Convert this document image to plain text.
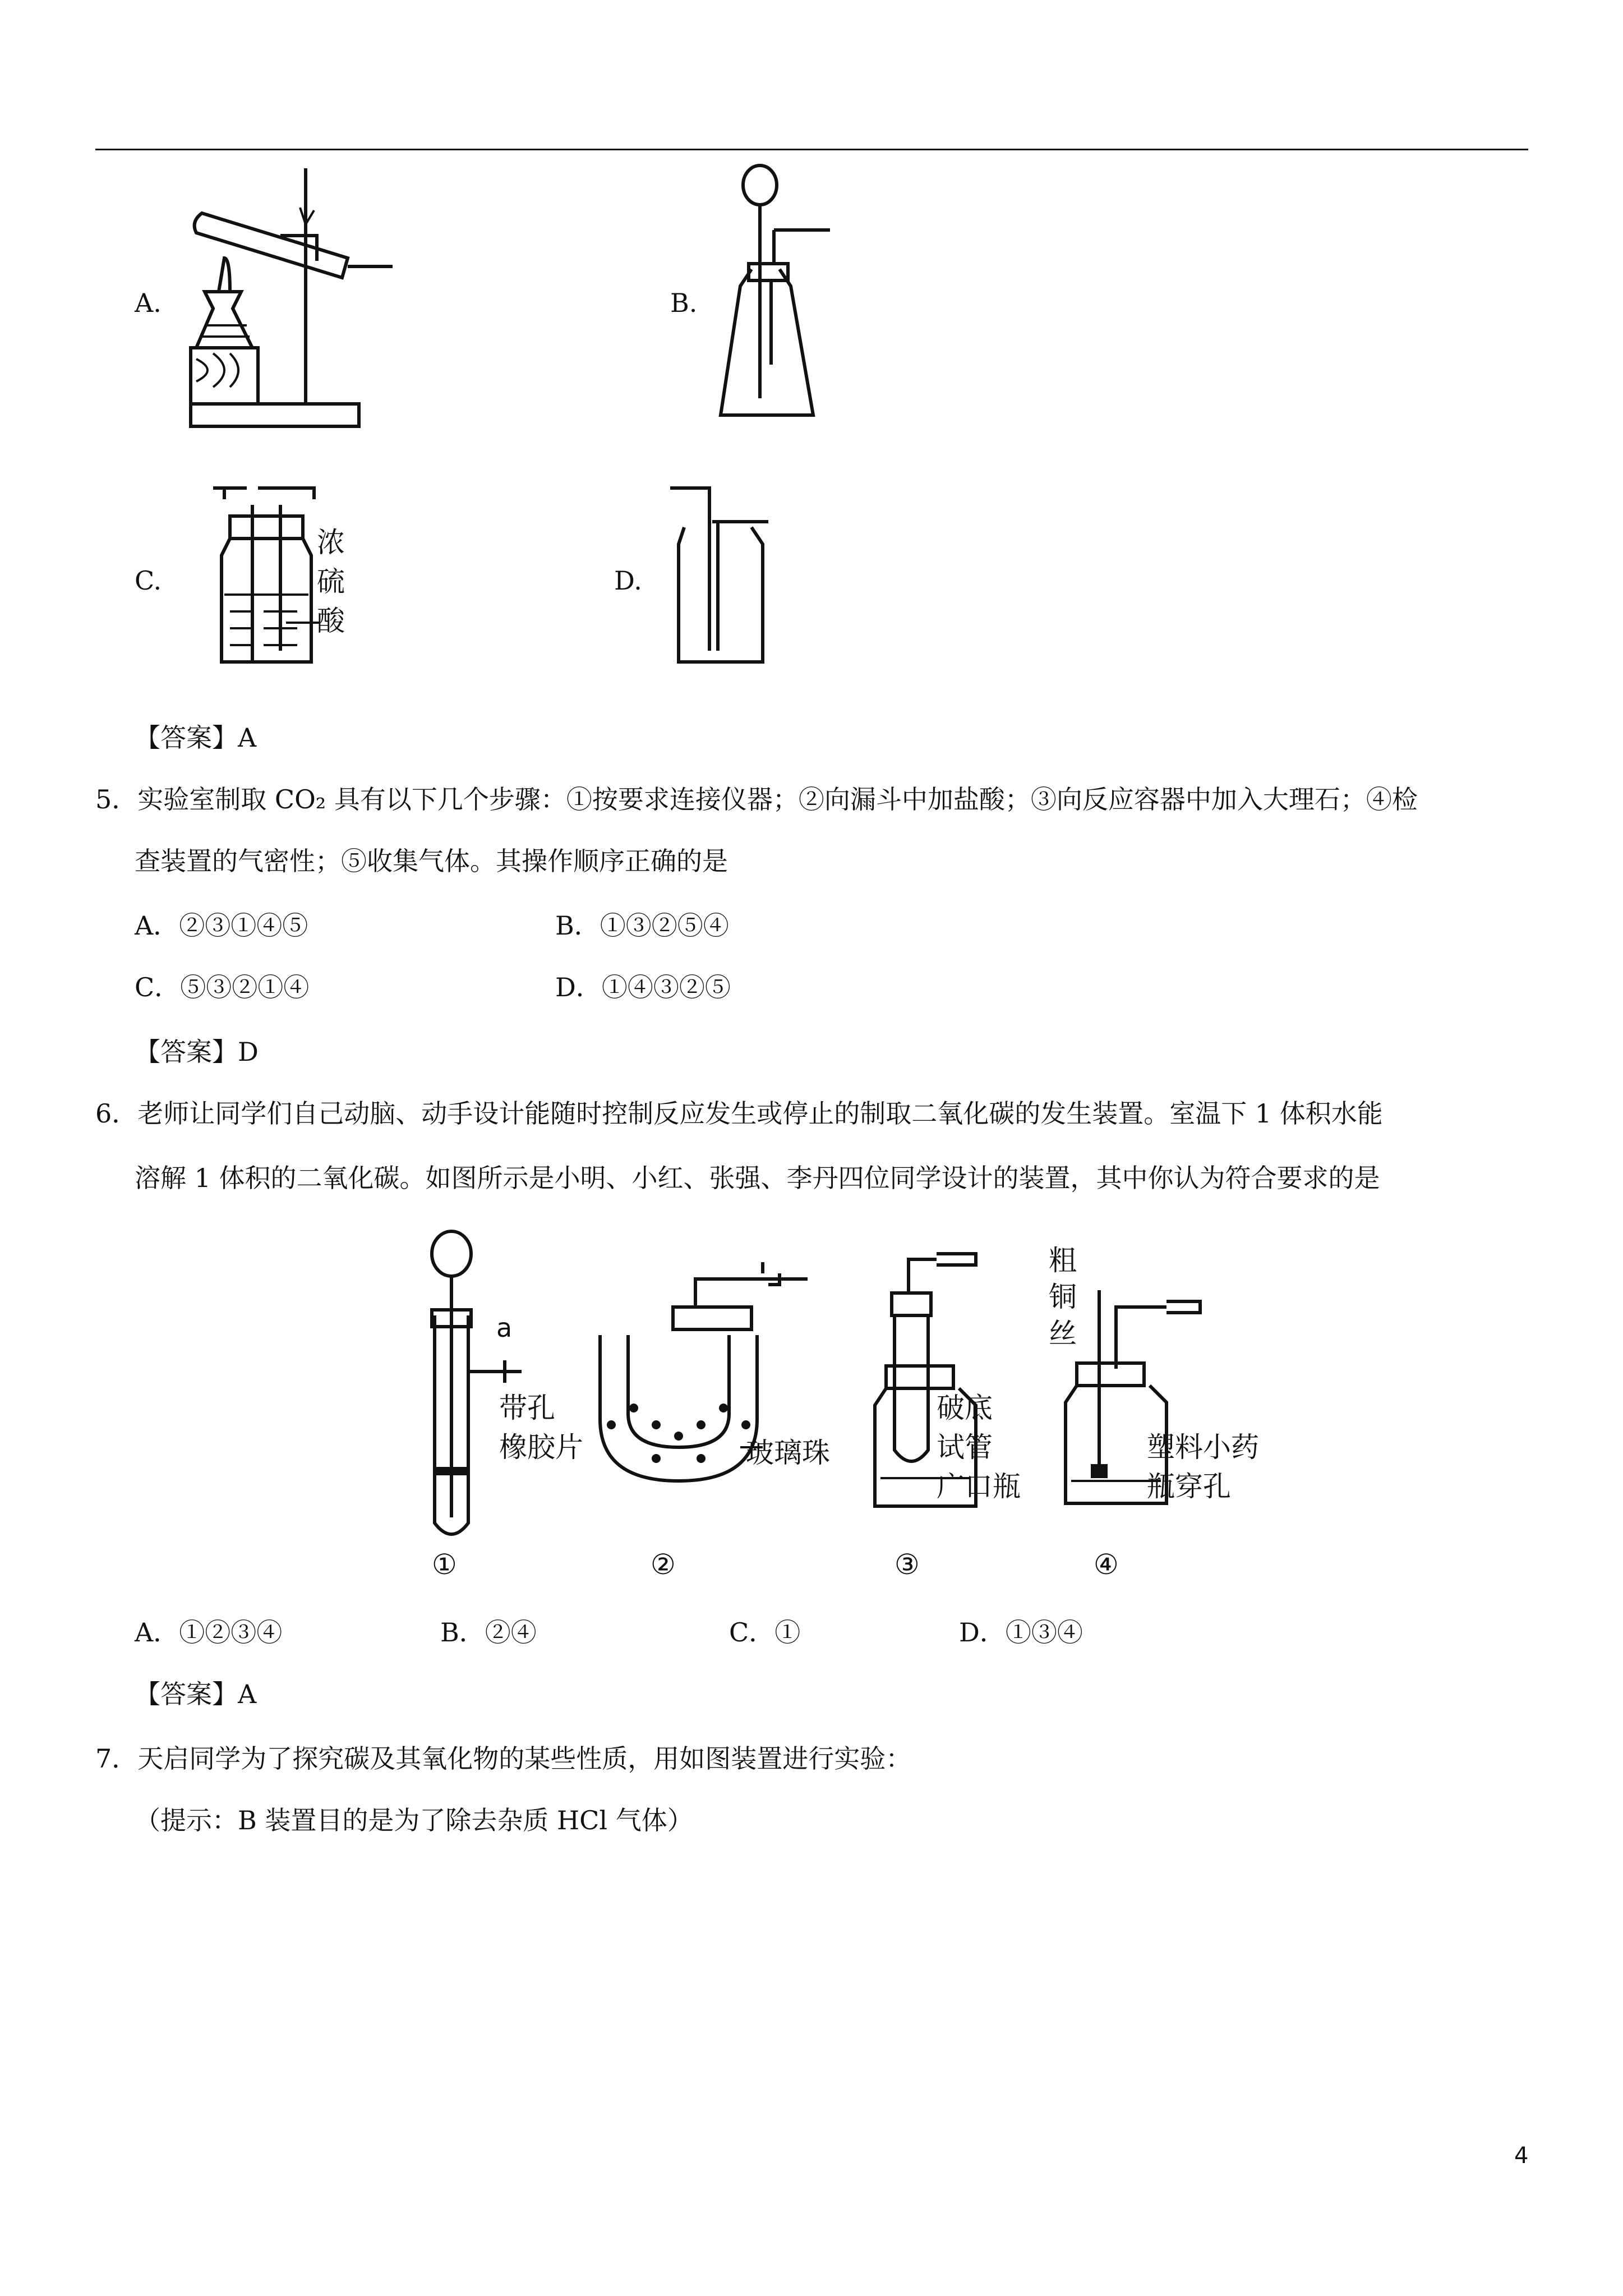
A.	B.
C.	D.
浓
硫
酸
【答案】A
5．实验室制取 CO₂ 具有以下几个步骤：①按要求连接仪器；②向漏斗中加盐酸；③向反应容器中加入大理石；④检
查装置的气密性；⑤收集气体。其操作顺序正确的是
A．②③①④⑤	B．①③②⑤④
C．⑤③②①④	D．①④③②⑤
【答案】D
6．老师让同学们自己动脑、动手设计能随时控制反应发生或停止的制取二氧化碳的发生装置。室温下 1 体积水能
溶解 1 体积的二氧化碳。如图所示是小明、小红、张强、李丹四位同学设计的装置，其中你认为符合要求的是
a
带孔
橡胶片	玻璃珠
破底
试管
广口瓶
粗
铜
丝
塑料小药
瓶穿孔
①	②	③	④
A．①②③④	B．②④	C．①	D．①③④
【答案】A
7．天启同学为了探究碳及其氧化物的某些性质，用如图装置进行实验：
（提示：B 装置目的是为了除去杂质 HCl 气体）
4
